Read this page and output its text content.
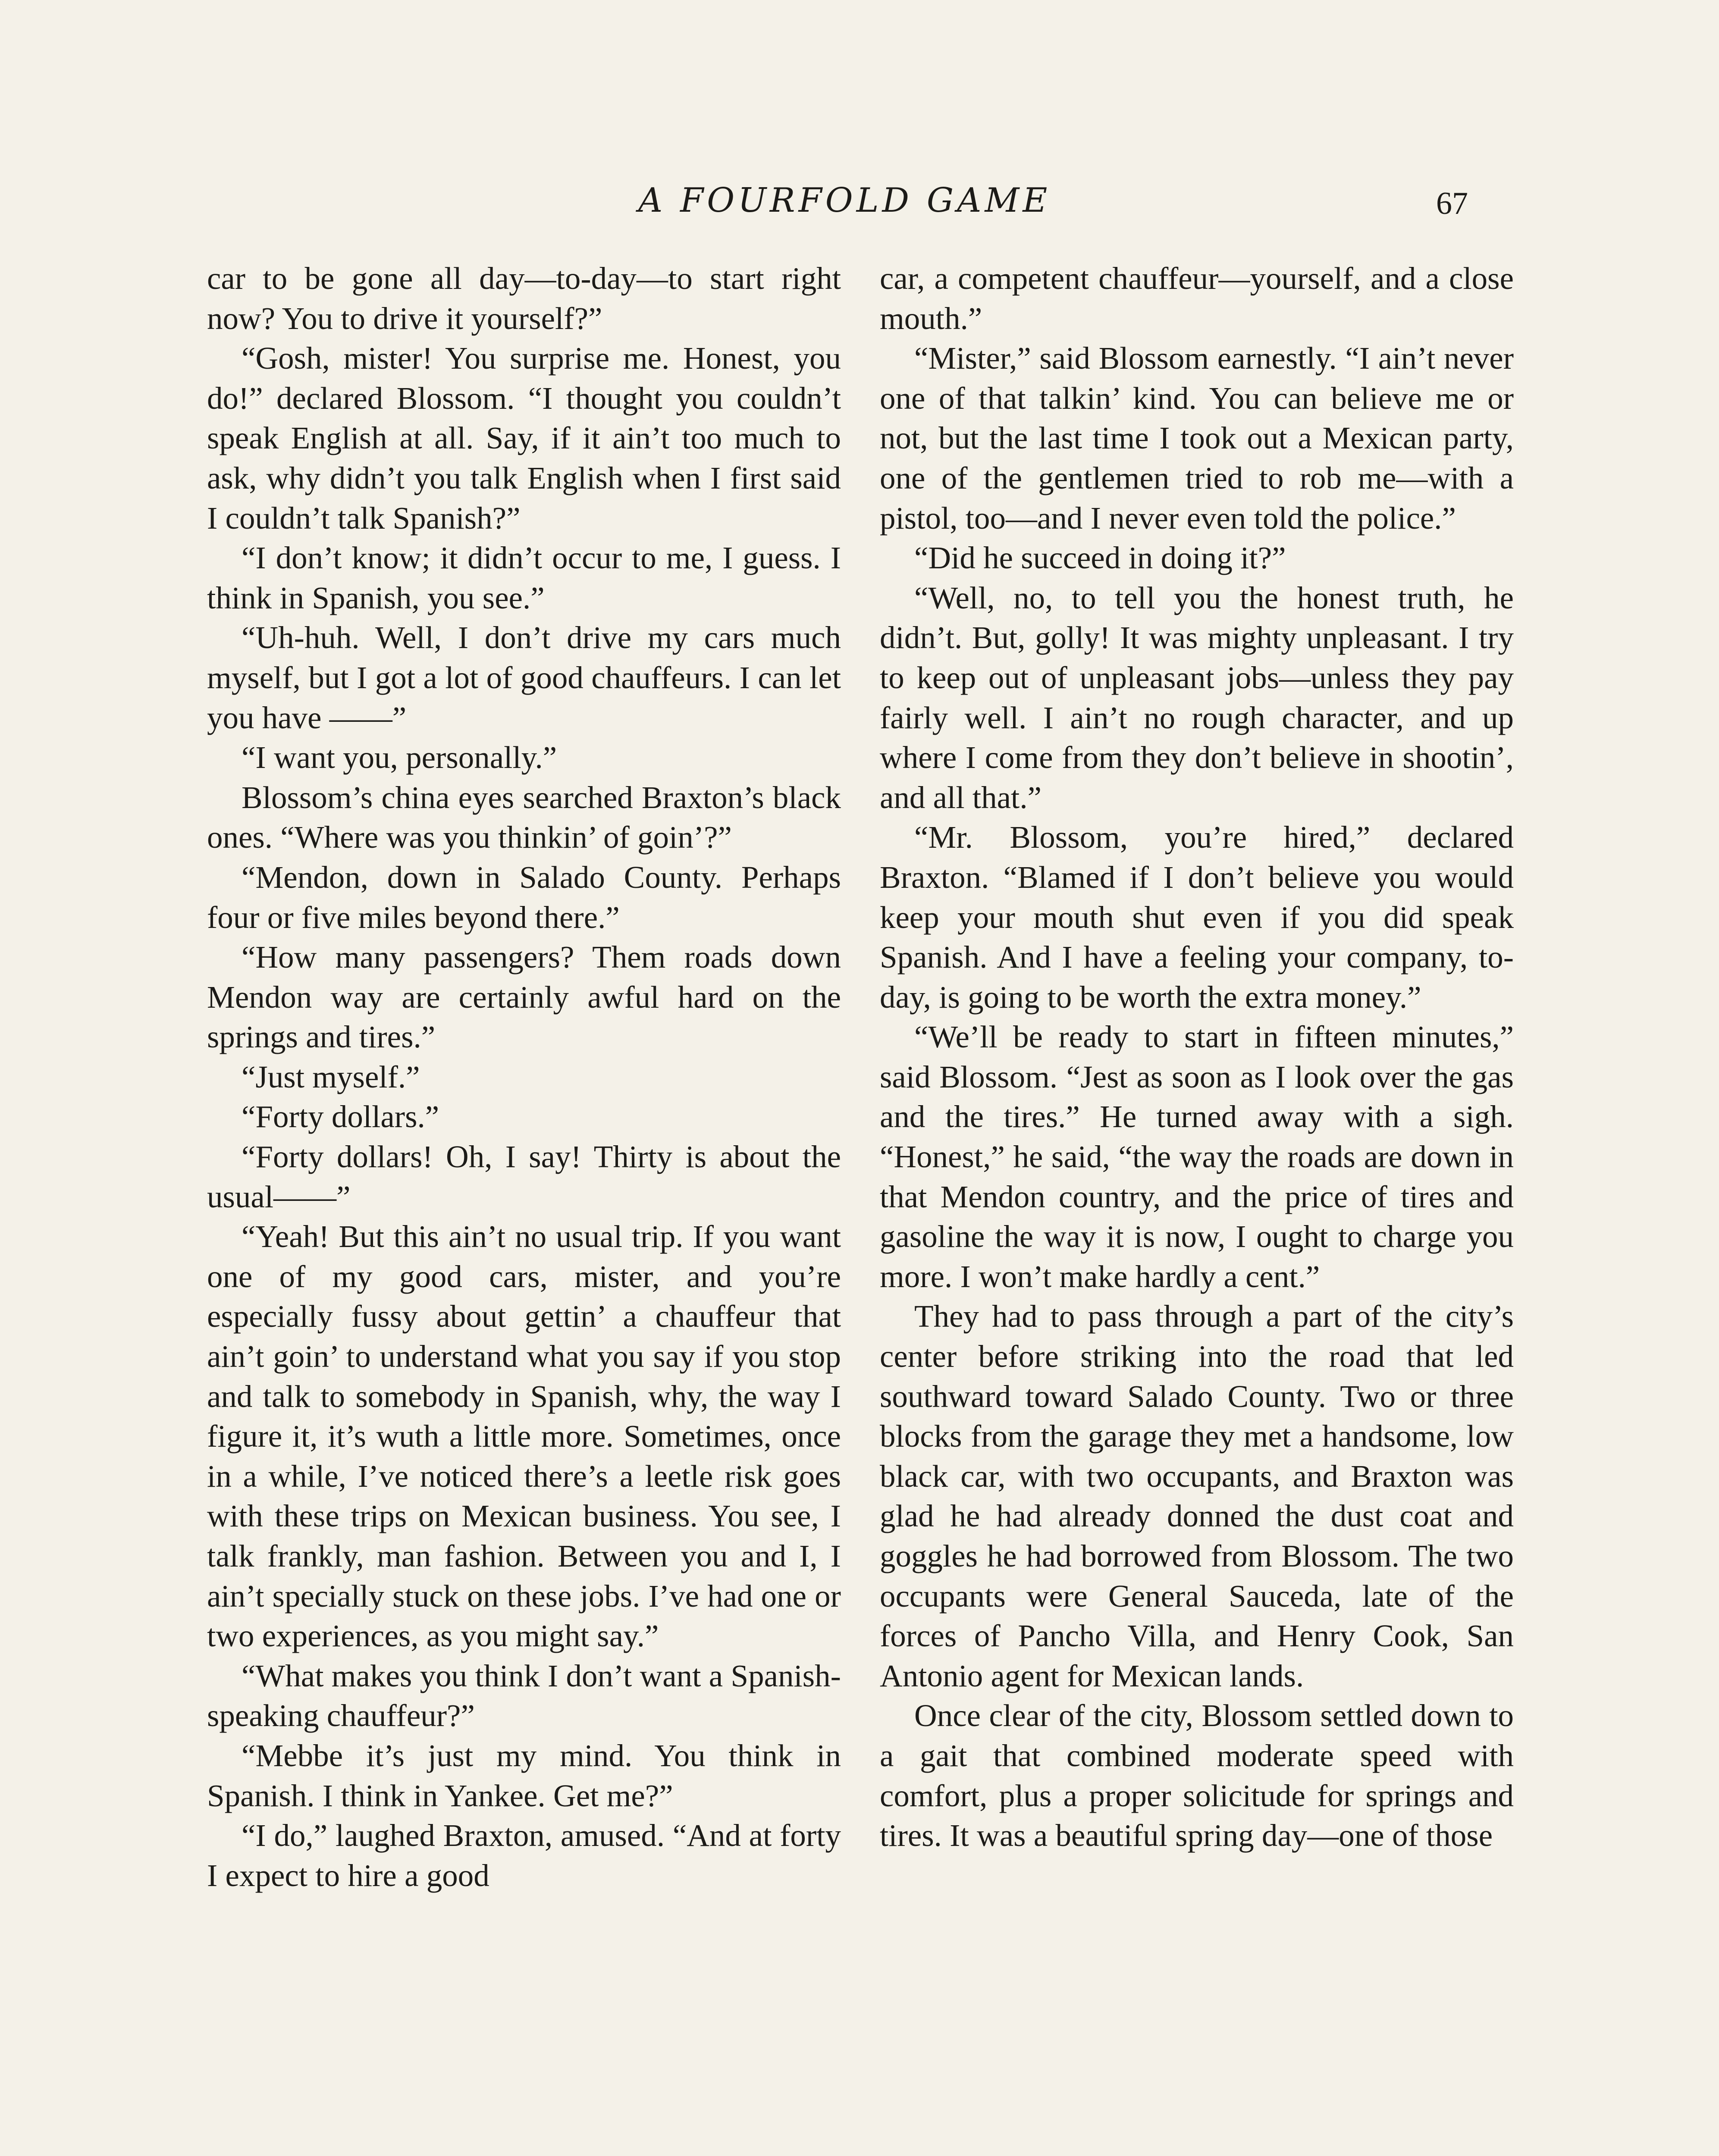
A FOURFOLD GAME	67

car to be gone all day—to-day—to start right now? You to drive it yourself?”

“Gosh, mister! You surprise me. Honest, you do!” declared Blossom. “I thought you couldn’t speak English at all. Say, if it ain’t too much to ask, why didn’t you talk English when I first said I couldn’t talk Spanish?”

“I don’t know; it didn’t occur to me, I guess. I think in Spanish, you see.”

“Uh-huh. Well, I don’t drive my cars much myself, but I got a lot of good chauffeurs. I can let you have ——”

“I want you, personally.”

Blossom’s china eyes searched Braxton’s black ones. “Where was you thinkin’ of goin’?”

“Mendon, down in Salado County. Perhaps four or five miles beyond there.”

“How many passengers? Them roads down Mendon way are certainly awful hard on the springs and tires.”

“Just myself.”

“Forty dollars.”

“Forty dollars! Oh, I say! Thirty is about the usual——”

“Yeah! But this ain’t no usual trip. If you want one of my good cars, mister, and you’re especially fussy about gettin’ a chauffeur that ain’t goin’ to understand what you say if you stop and talk to somebody in Spanish, why, the way I figure it, it’s wuth a little more. Sometimes, once in a while, I’ve noticed there’s a leetle risk goes with these trips on Mexican business. You see, I talk frankly, man fashion. Between you and I, I ain’t specially stuck on these jobs. I’ve had one or two experiences, as you might say.”

“What makes you think I don’t want a Spanish-speaking chauffeur?”

“Mebbe it’s just my mind. You think in Spanish. I think in Yankee. Get me?”

“I do,” laughed Braxton, amused. “And at forty I expect to hire a good

car, a competent chauffeur—yourself, and a close mouth.”

“Mister,” said Blossom earnestly. “I ain’t never one of that talkin’ kind. You can believe me or not, but the last time I took out a Mexican party, one of the gentlemen tried to rob me—with a pistol, too—and I never even told the police.”

“Did he succeed in doing it?”

“Well, no, to tell you the honest truth, he didn’t. But, golly! It was mighty unpleasant. I try to keep out of unpleasant jobs—unless they pay fairly well. I ain’t no rough character, and up where I come from they don’t believe in shootin’, and all that.”

“Mr. Blossom, you’re hired,” declared Braxton. “Blamed if I don’t believe you would keep your mouth shut even if you did speak Spanish. And I have a feeling your company, to-day, is going to be worth the extra money.”

“We’ll be ready to start in fifteen minutes,” said Blossom. “Jest as soon as I look over the gas and the tires.” He turned away with a sigh. “Honest,” he said, “the way the roads are down in that Mendon country, and the price of tires and gasoline the way it is now, I ought to charge you more. I won’t make hardly a cent.”

They had to pass through a part of the city’s center before striking into the road that led southward toward Salado County. Two or three blocks from the garage they met a handsome, low black car, with two occupants, and Braxton was glad he had already donned the dust coat and goggles he had borrowed from Blossom. The two occupants were General Sauceda, late of the forces of Pancho Villa, and Henry Cook, San Antonio agent for Mexican lands.

Once clear of the city, Blossom settled down to a gait that combined moderate speed with comfort, plus a proper solicitude for springs and tires. It was a beautiful spring day—one of those
